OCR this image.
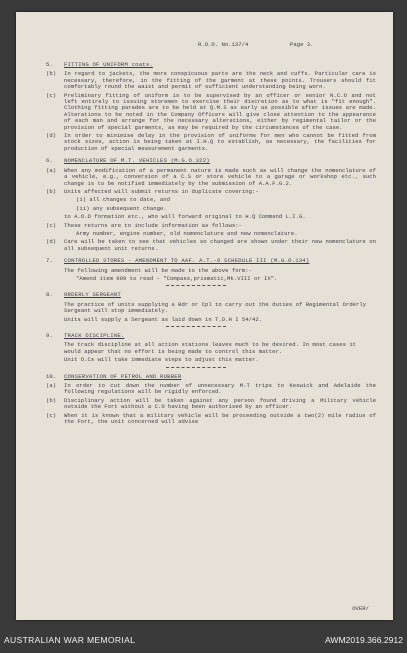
R.O.O. No.137/4	Page 3.
5.	FITTING OF UNIFORM coats.
(b)	In regard to jackets, the more conspicuous parts are the neck and cuffs. Particular care is necessary, therefore, in the fitting of the garment at these points. Trousers should fit comfortably round the waist and permit of sufficient understanding being worn.
(c)	Preliminary fitting of uniform is to be supervised by an officer or senior N.C.O and not left entirely to issuing storemen to exercise their discretion as to what is "fit enough". Clothing fitting parades are to be held at Q.M.S as early as possible after issues are made. Alterations to be noted in the Company Officers will give close attention to the appearance of each man and arrange for the necessary alterations, either by regimental tailor or the provision of special garments, as may be required by the circumstances of the case.
(d)	In order to minimise delay in the provision of uniforms for men who cannot be fitted from stock sizes, action is being taken at I.H.Q to establish, as necessary, the facilities for production of special measurement garments.
6.	NOMENCLATURE OF M.T. VEHICLES (M.G.O.322)
(a)	When any modification of a permanent nature is made such as will change the nomenclature of a vehicle, e.g., conversion of a C.S or store vehicle to a garage or workshop etc., such change is to be notified immediately by the submission of A.A.F.G.2.
(b)	Units affected will submit returns in duplicate covering:-
(i) all changes to date, and
(ii) any subsequent change.
to A.O.D formation etc., who will forward original to H.Q Command L.I.G.
(c)	These returns are to include information as follows:-
Army number, engine number, old nomenclature and new nomenclature.
(d)	Care will be taken to see that vehicles so changed are shown under their new nomenclature on all subsequent unit returns.
7.	CONTROLLED STORES - AMENDMENT TO AAF. A.T.-6 SCHEDULE III (M.G.O.134)
The following amendment will be made to the above form:-
"Amend item 909 to read - "Compass,prismatic,Mk.VIII or IX".
8.	ORDERLY SERGEANT
The practice of units supplying a Bdr or Cpl to carry out the duties of Regimental Orderly Sergeant will stop immediately.
Units will supply a Sergeant as laid down in T.D.H I 54/42.
9.	TRACK DISCIPLINE.
The track discipline at all action stations leaves much to be desired. In most cases it would appear that no effort is being made to control this matter.
Unit O.Cs will take immediate steps to adjust this matter.
10. CONSERVATION OF PETROL AND RUBBER
(a)	In order to cut down the number of unnecessary M.T trips to Keswick and Adelaide the following regulations will be rigidly enforced.
(b)	Disciplinary action will be taken against any person found driving a Military vehicle outside the Fort without a C.O having been authorised by an officer.
(c)	When it is known that a military vehicle will be proceeding outside a two(2) mile radius of the Fort, the unit concerned will advise
OVER/
AUSTRALIAN WAR MEMORIAL	AWM2019.366.2912
